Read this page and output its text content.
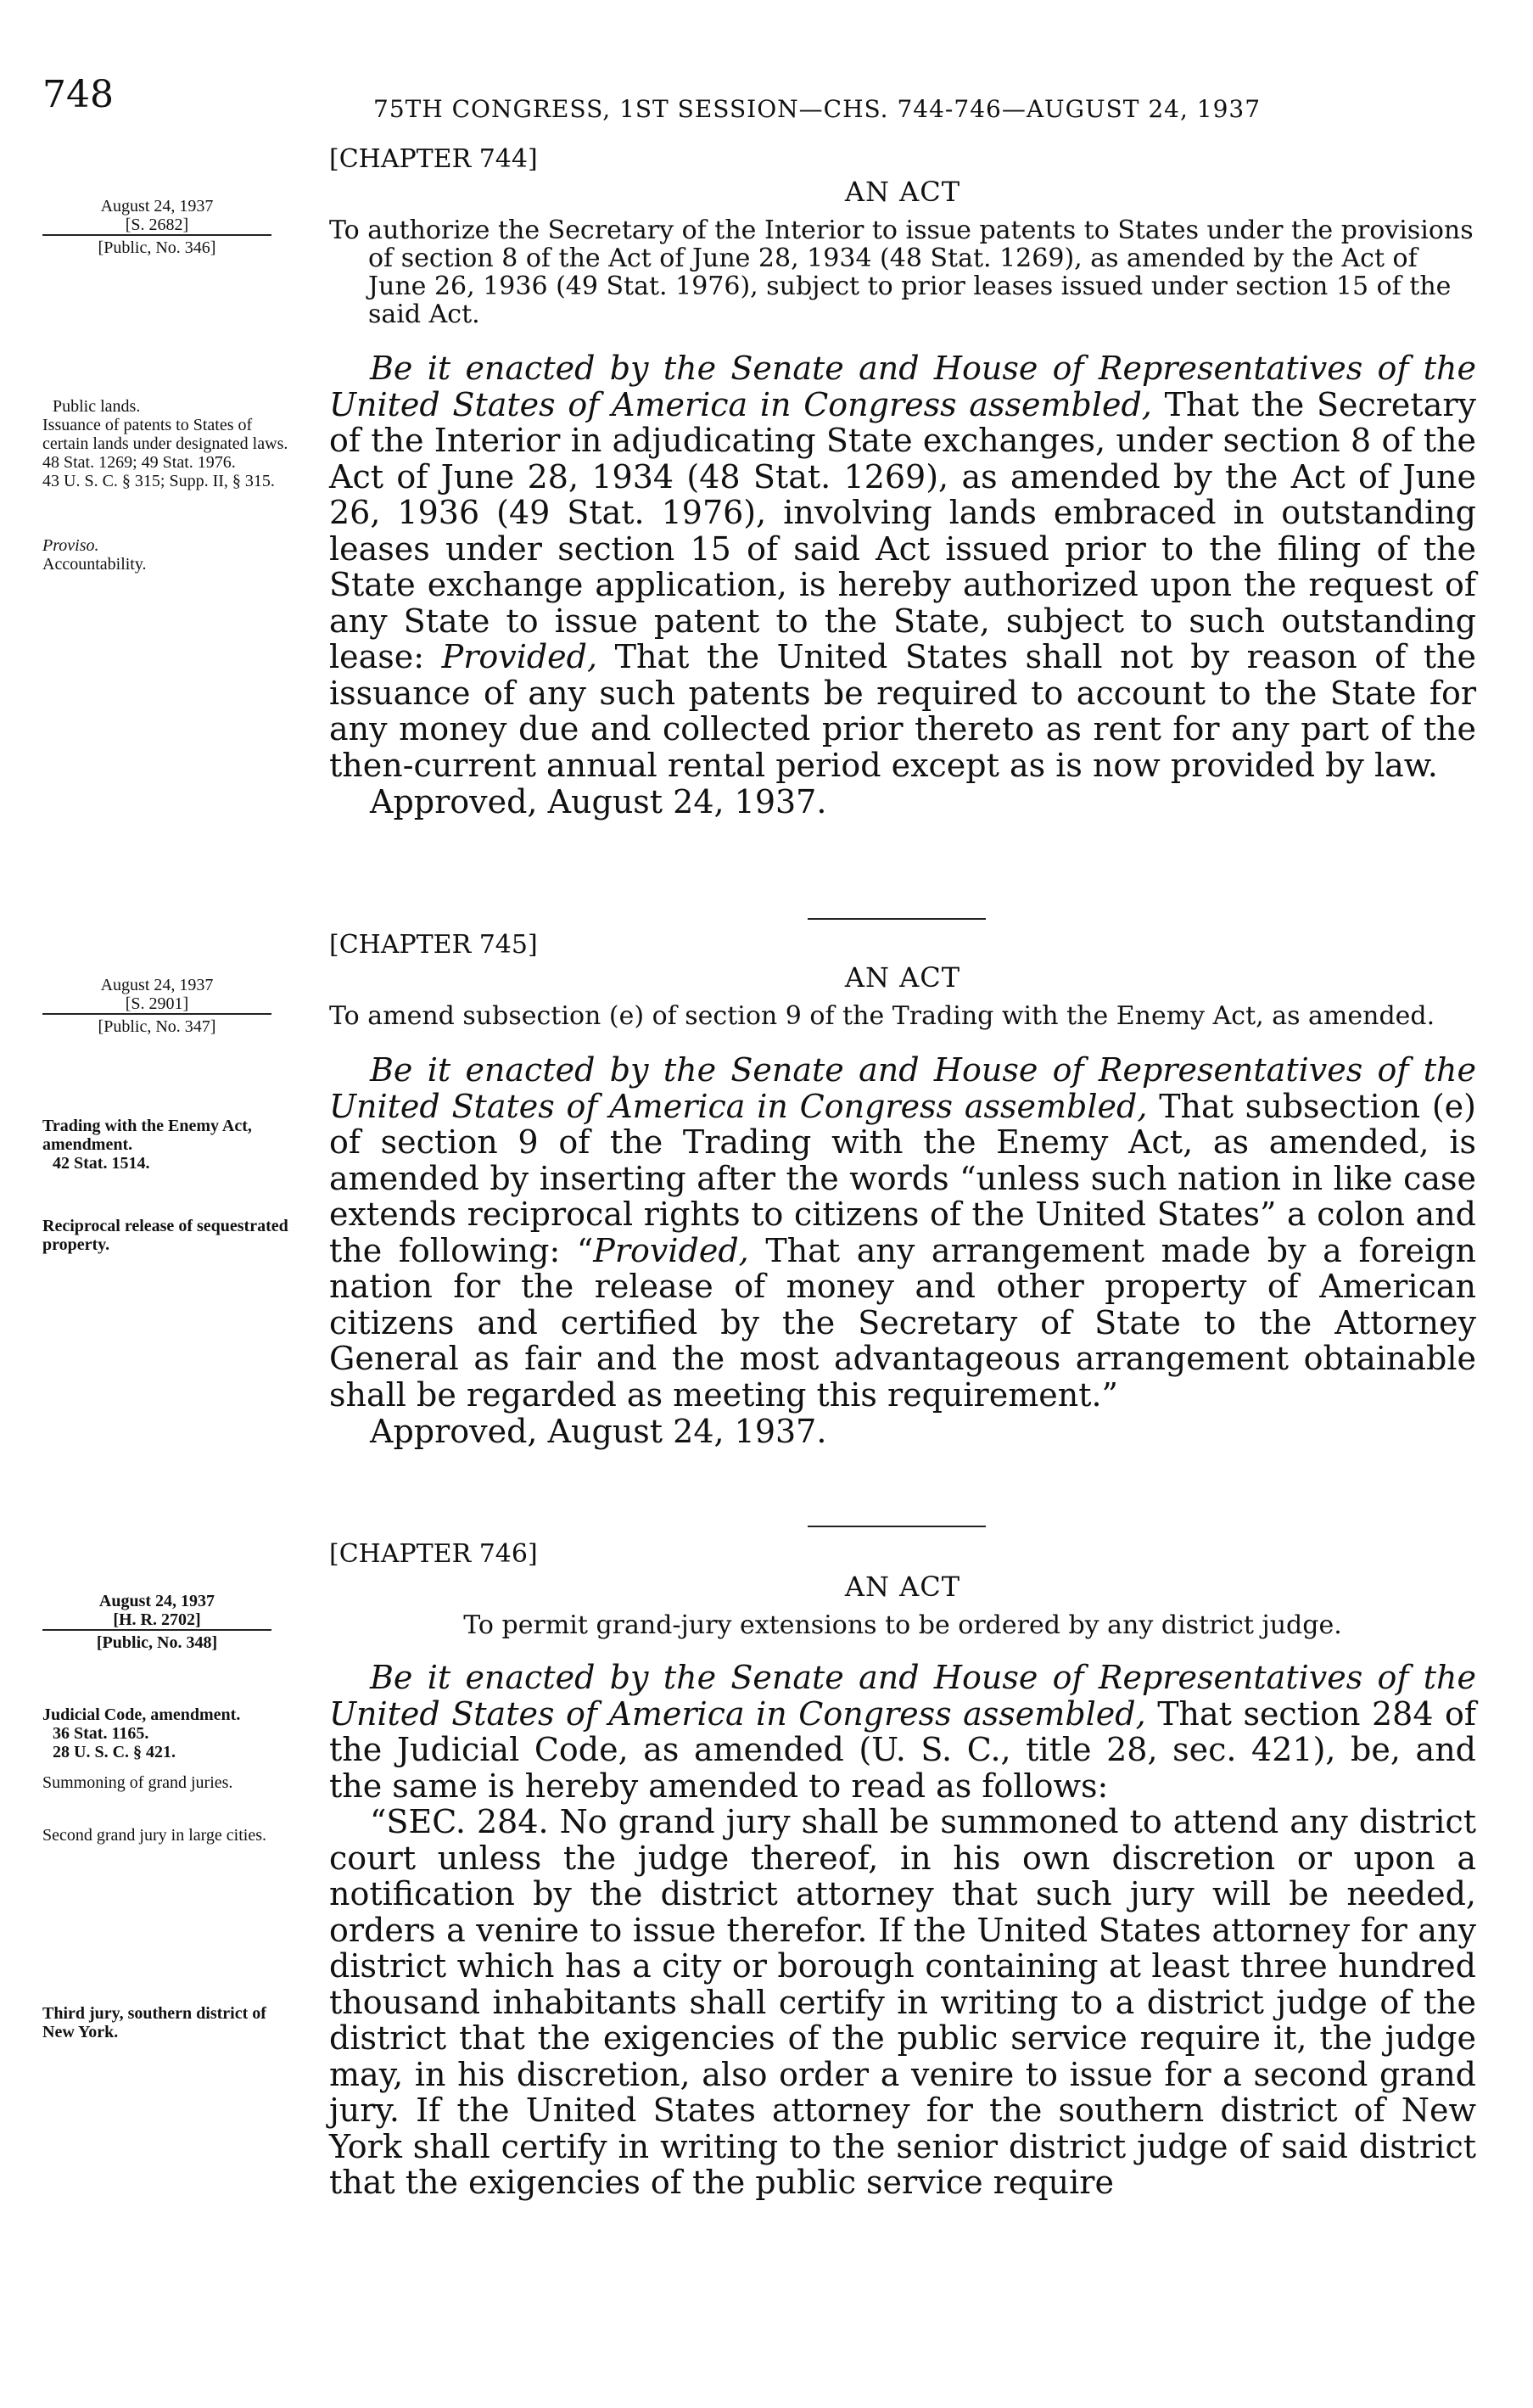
748	75TH CONGRESS, 1ST SESSION—CHS. 744-746—AUGUST 24, 1937
August 24, 1937
[S. 2682]
[Public, No. 346]
Public lands.
Issuance of patents to States of certain lands under designated laws.
48 Stat. 1269; 49 Stat. 1976.
43 U. S. C. § 315; Supp. II, § 315.
Proviso.
Accountability.

[CHAPTER 744]

AN ACT

To authorize the Secretary of the Interior to issue patents to States under the provisions of section 8 of the Act of June 28, 1934 (48 Stat. 1269), as amended by the Act of June 26, 1936 (49 Stat. 1976), subject to prior leases issued under section 15 of the said Act.

Be it enacted by the Senate and House of Representatives of the United States of America in Congress assembled, That the Secretary of the Interior in adjudicating State exchanges, under section 8 of the Act of June 28, 1934 (48 Stat. 1269), as amended by the Act of June 26, 1936 (49 Stat. 1976), involving lands embraced in outstanding leases under section 15 of said Act issued prior to the filing of the State exchange application, is hereby authorized upon the request of any State to issue patent to the State, subject to such outstanding lease: Provided, That the United States shall not by reason of the issuance of any such patents be required to account to the State for any money due and collected prior thereto as rent for any part of the then-current annual rental period except as is now provided by law.

Approved, August 24, 1937.

August 24, 1937
[S. 2901]
[Public, No. 347]
Trading with the Enemy Act, amendment.
42 Stat. 1514.
Reciprocal release of sequestrated property.

[CHAPTER 745]

AN ACT

To amend subsection (e) of section 9 of the Trading with the Enemy Act, as amended.

Be it enacted by the Senate and House of Representatives of the United States of America in Congress assembled, That subsection (e) of section 9 of the Trading with the Enemy Act, as amended, is amended by inserting after the words “unless such nation in like case extends reciprocal rights to citizens of the United States” a colon and the following: “Provided, That any arrangement made by a foreign nation for the release of money and other property of American citizens and certified by the Secretary of State to the Attorney General as fair and the most advantageous arrangement obtainable shall be regarded as meeting this requirement.”

Approved, August 24, 1937.

August 24, 1937
[H. R. 2702]
[Public, No. 348]
Judicial Code, amendment.
36 Stat. 1165.
28 U. S. C. § 421.
Summoning of grand juries.
Second grand jury in large cities.
Third jury, southern district of New York.

[CHAPTER 746]

AN ACT

To permit grand-jury extensions to be ordered by any district judge.

Be it enacted by the Senate and House of Representatives of the United States of America in Congress assembled, That section 284 of the Judicial Code, as amended (U. S. C., title 28, sec. 421), be, and the same is hereby amended to read as follows:

“SEC. 284. No grand jury shall be summoned to attend any district court unless the judge thereof, in his own discretion or upon a notification by the district attorney that such jury will be needed, orders a venire to issue therefor. If the United States attorney for any district which has a city or borough containing at least three hundred thousand inhabitants shall certify in writing to a district judge of the district that the exigencies of the public service require it, the judge may, in his discretion, also order a venire to issue for a second grand jury. If the United States attorney for the southern district of New York shall certify in writing to the senior district judge of said district that the exigencies of the public service require
